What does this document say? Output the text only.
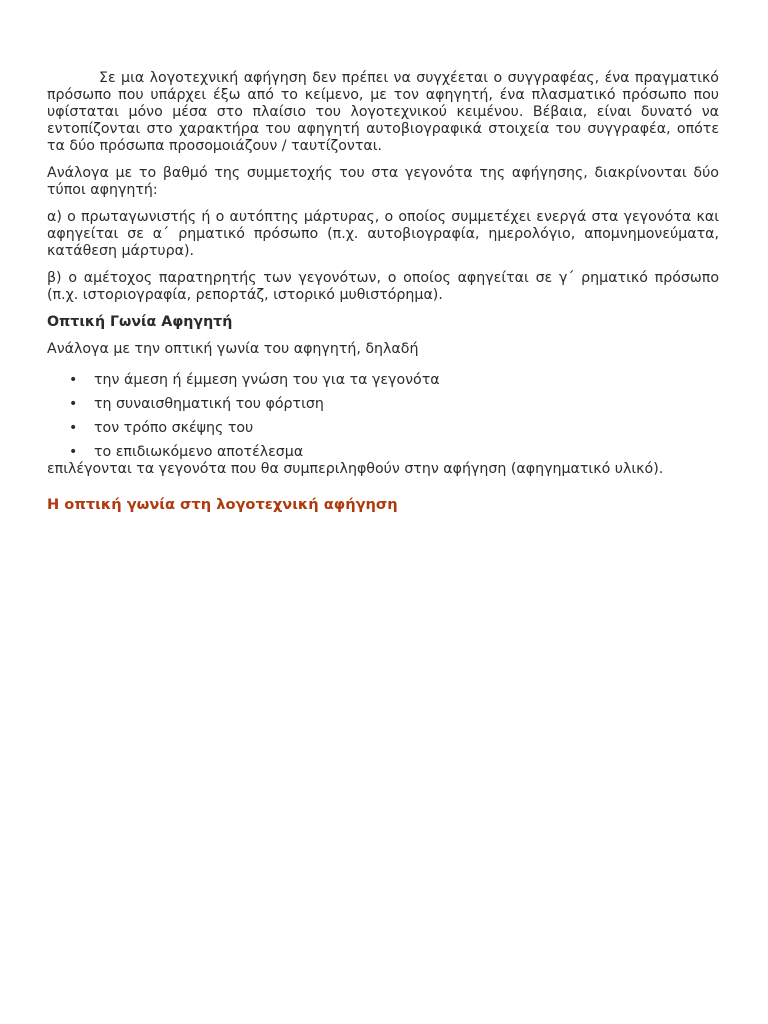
Σε μια λογοτεχνική αφήγηση δεν πρέπει να συγχέεται ο συγγραφέας, ένα πραγματικό πρόσωπο που υπάρχει έξω από το κείμενο, με τον αφηγητή, ένα πλασματικό πρόσωπο που υφίσταται μόνο μέσα στο πλαίσιο του λογοτεχνικού κειμένου. Βέβαια, είναι δυνατό να εντοπίζονται στο χαρακτήρα του αφηγητή αυτοβιογραφικά στοιχεία του συγγραφέα, οπότε τα δύο πρόσωπα προσομοιάζουν / ταυτίζονται.

Ανάλογα με το βαθμό της συμμετοχής του στα γεγονότα της αφήγησης, διακρίνονται δύο τύποι αφηγητή:

α) ο πρωταγωνιστής ή ο αυτόπτης μάρτυρας, ο οποίος συμμετέχει ενεργά στα γεγονότα και αφηγείται σε α΄ ρηματικό πρόσωπο (π.χ. αυτοβιογραφία, ημερολόγιο, απομνημονεύματα, κατάθεση μάρτυρα).

β) ο αμέτοχος παρατηρητής των γεγονότων, ο οποίος αφηγείται σε γ΄ ρηματικό πρόσωπο (π.χ. ιστοριογραφία, ρεπορτάζ, ιστορικό μυθιστόρημα).

Οπτική Γωνία Αφηγητή

Ανάλογα με την οπτική γωνία του αφηγητή, δηλαδή

• την άμεση ή έμμεση γνώση του για τα γεγονότα
• τη συναισθηματική του φόρτιση
• τον τρόπο σκέψης του
• το επιδιωκόμενο αποτέλεσμα

επιλέγονται τα γεγονότα που θα συμπεριληφθούν στην αφήγηση (αφηγηματικό υλικό).

Η οπτική γωνία στη λογοτεχνική αφήγηση
